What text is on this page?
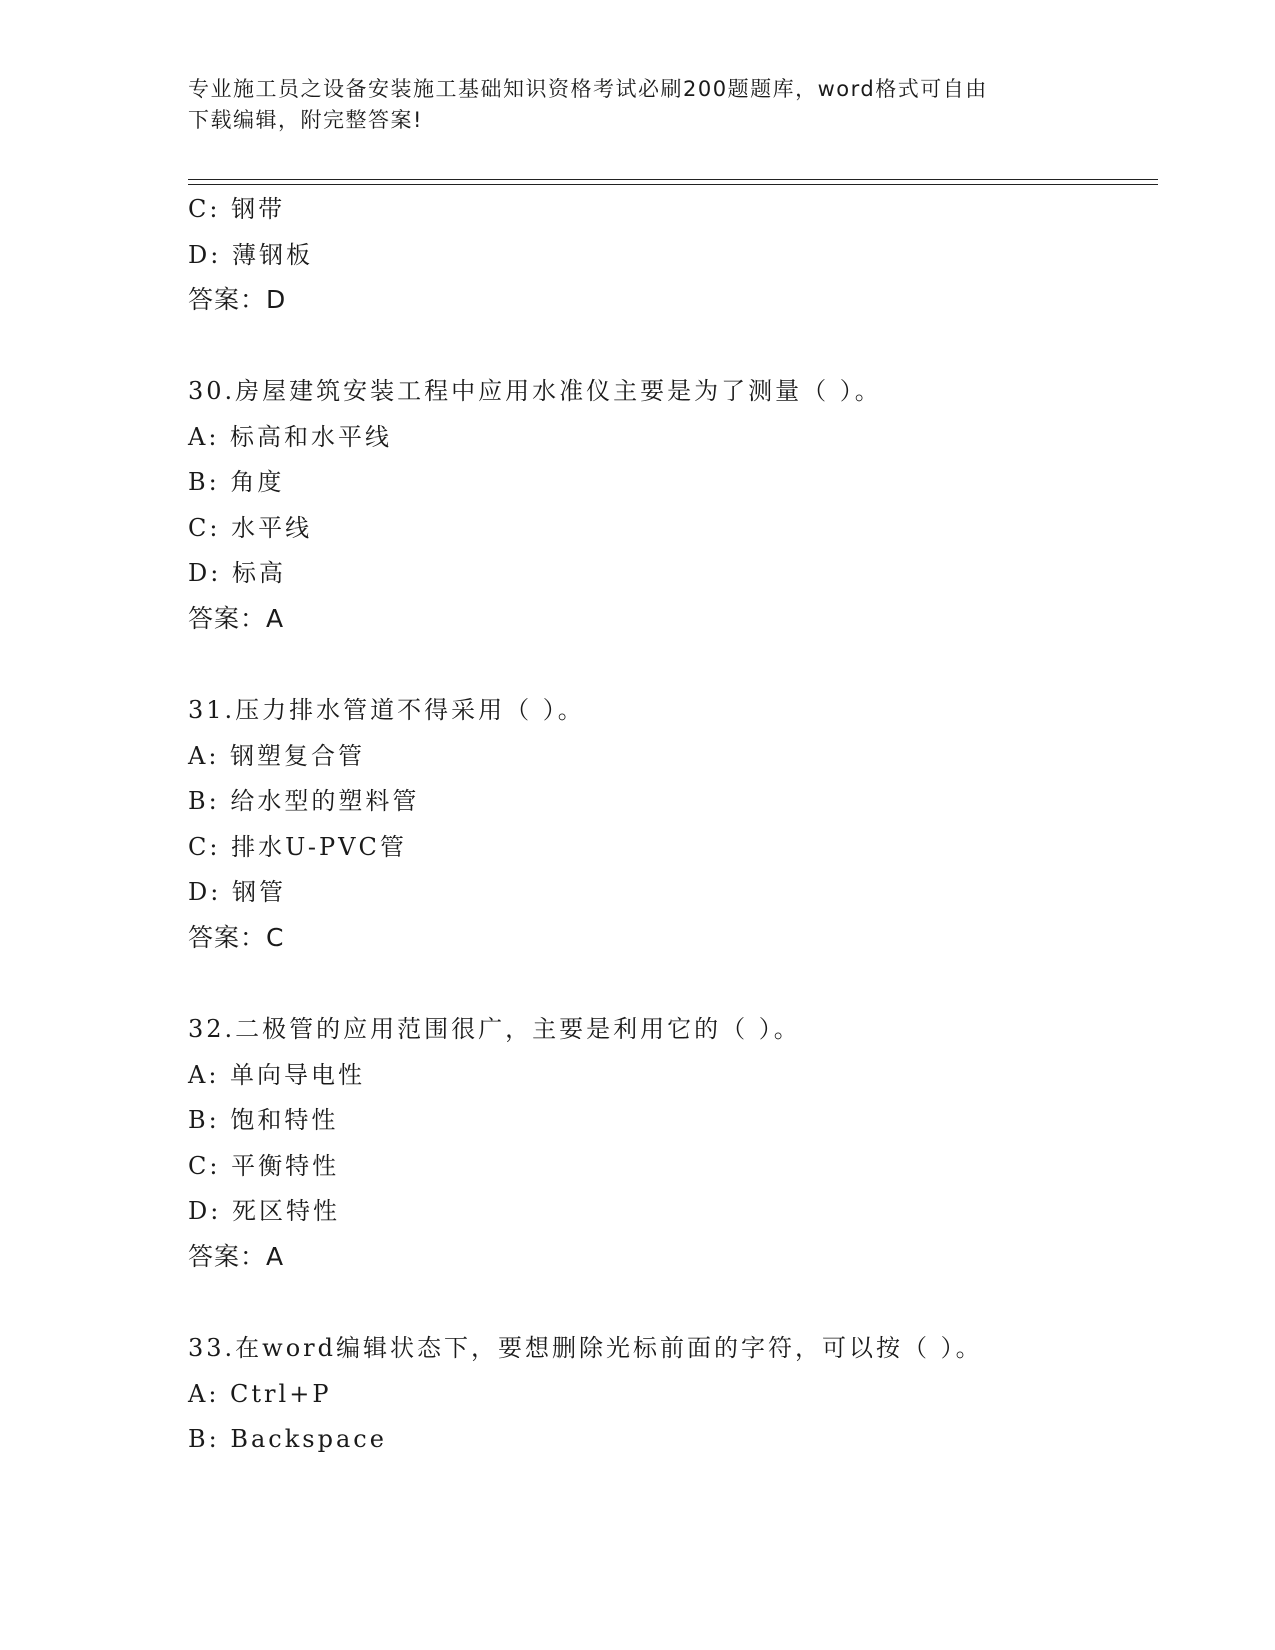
专业施工员之设备安装施工基础知识资格考试必刷200题题库，word格式可自由
下载编辑，附完整答案!
C: 钢带
D: 薄钢板
答案：D
30.房屋建筑安装工程中应用水准仪主要是为了测量（ ）。
A: 标高和水平线
B: 角度
C: 水平线
D: 标高
答案：A
31.压力排水管道不得采用（ ）。
A: 钢塑复合管
B: 给水型的塑料管
C: 排水U-PVC管
D: 钢管
答案：C
32.二极管的应用范围很广，主要是利用它的（ ）。
A: 单向导电性
B: 饱和特性
C: 平衡特性
D: 死区特性
答案：A
33.在word编辑状态下，要想删除光标前面的字符，可以按（ ）。
A: Ctrl+P
B: Backspace
